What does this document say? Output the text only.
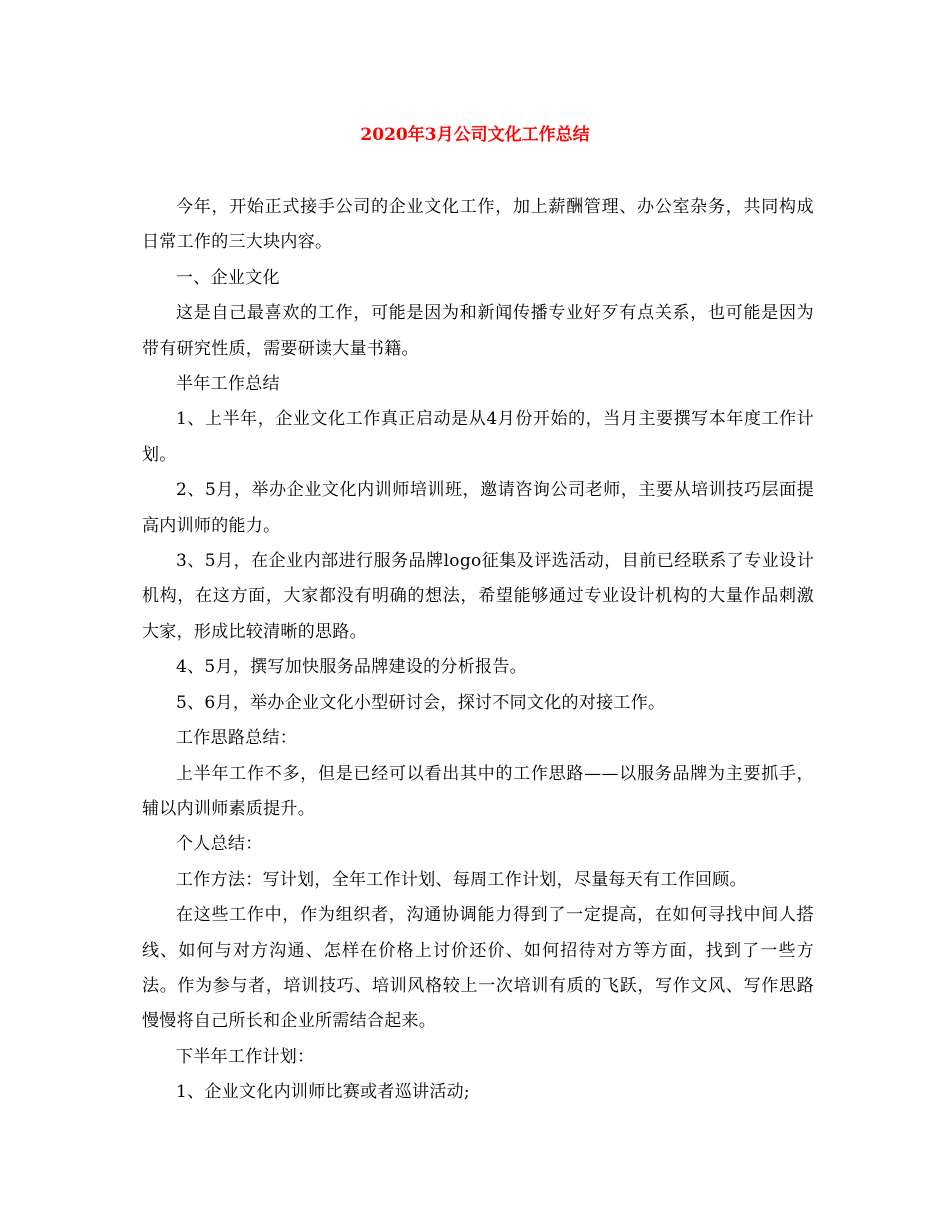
2020年3月公司文化工作总结

今年，开始正式接手公司的企业文化工作，加上薪酬管理、办公室杂务，共同构成日常工作的三大块内容。

一、企业文化

这是自己最喜欢的工作，可能是因为和新闻传播专业好歹有点关系，也可能是因为带有研究性质，需要研读大量书籍。

半年工作总结

1、上半年，企业文化工作真正启动是从4月份开始的，当月主要撰写本年度工作计划。

2、5月，举办企业文化内训师培训班，邀请咨询公司老师，主要从培训技巧层面提高内训师的能力。

3、5月，在企业内部进行服务品牌logo征集及评选活动，目前已经联系了专业设计机构，在这方面，大家都没有明确的想法，希望能够通过专业设计机构的大量作品刺激大家，形成比较清晰的思路。

4、5月，撰写加快服务品牌建设的分析报告。

5、6月，举办企业文化小型研讨会，探讨不同文化的对接工作。

工作思路总结：

上半年工作不多，但是已经可以看出其中的工作思路——以服务品牌为主要抓手，辅以内训师素质提升。

个人总结：

工作方法：写计划，全年工作计划、每周工作计划，尽量每天有工作回顾。

在这些工作中，作为组织者，沟通协调能力得到了一定提高，在如何寻找中间人搭线、如何与对方沟通、怎样在价格上讨价还价、如何招待对方等方面，找到了一些方法。作为参与者，培训技巧、培训风格较上一次培训有质的飞跃，写作文风、写作思路慢慢将自己所长和企业所需结合起来。

下半年工作计划：

1、企业文化内训师比赛或者巡讲活动;
